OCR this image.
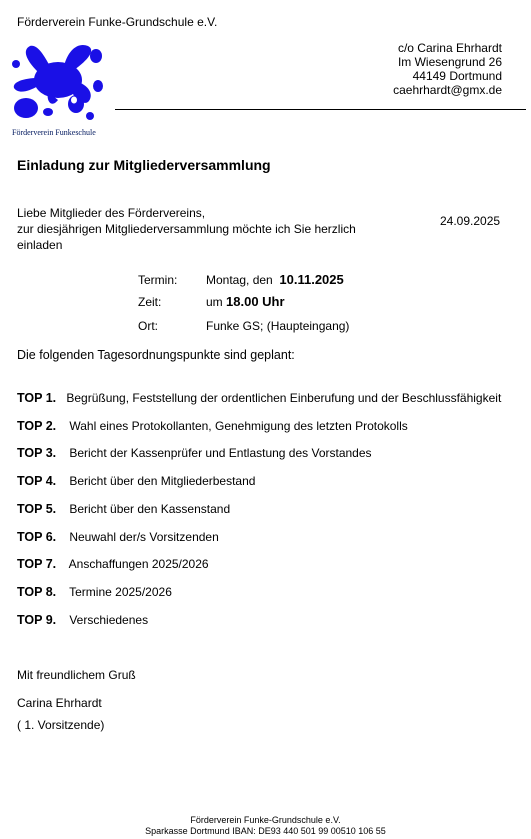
Förderverein Funke-Grundschule e.V.
Förderverein Funkeschule
c/o Carina Ehrhardt
Im Wiesengrund 26
44149 Dortmund
caehrhardt@gmx.de
Einladung zur Mitgliederversammlung
Liebe Mitglieder des Fördervereins,
zur diesjährigen Mitgliederversammlung möchte ich Sie herzlich
einladen
24.09.2025
Termin: Montag, den 10.11.2025
Zeit:	um 18.00 Uhr
Ort:	Funke GS; (Haupteingang)
Die folgenden Tagesordnungspunkte sind geplant:
TOP 1. Begrüßung, Feststellung der ordentlichen Einberufung und der Beschlussfähigkeit
TOP 2. Wahl eines Protokollanten, Genehmigung des letzten Protokolls
TOP 3. Bericht der Kassenprüfer und Entlastung des Vorstandes
TOP 4. Bericht über den Mitgliederbestand
TOP 5. Bericht über den Kassenstand
TOP 6. Neuwahl der/s Vorsitzenden
TOP 7. Anschaffungen 2025/2026
TOP 8. Termine 2025/2026
TOP 9. Verschiedenes
Mit freundlichem Gruß
Carina Ehrhardt
( 1. Vorsitzende)
Förderverein Funke-Grundschule e.V.
Sparkasse Dortmund IBAN: DE93 440 501 99 00510 106 55
